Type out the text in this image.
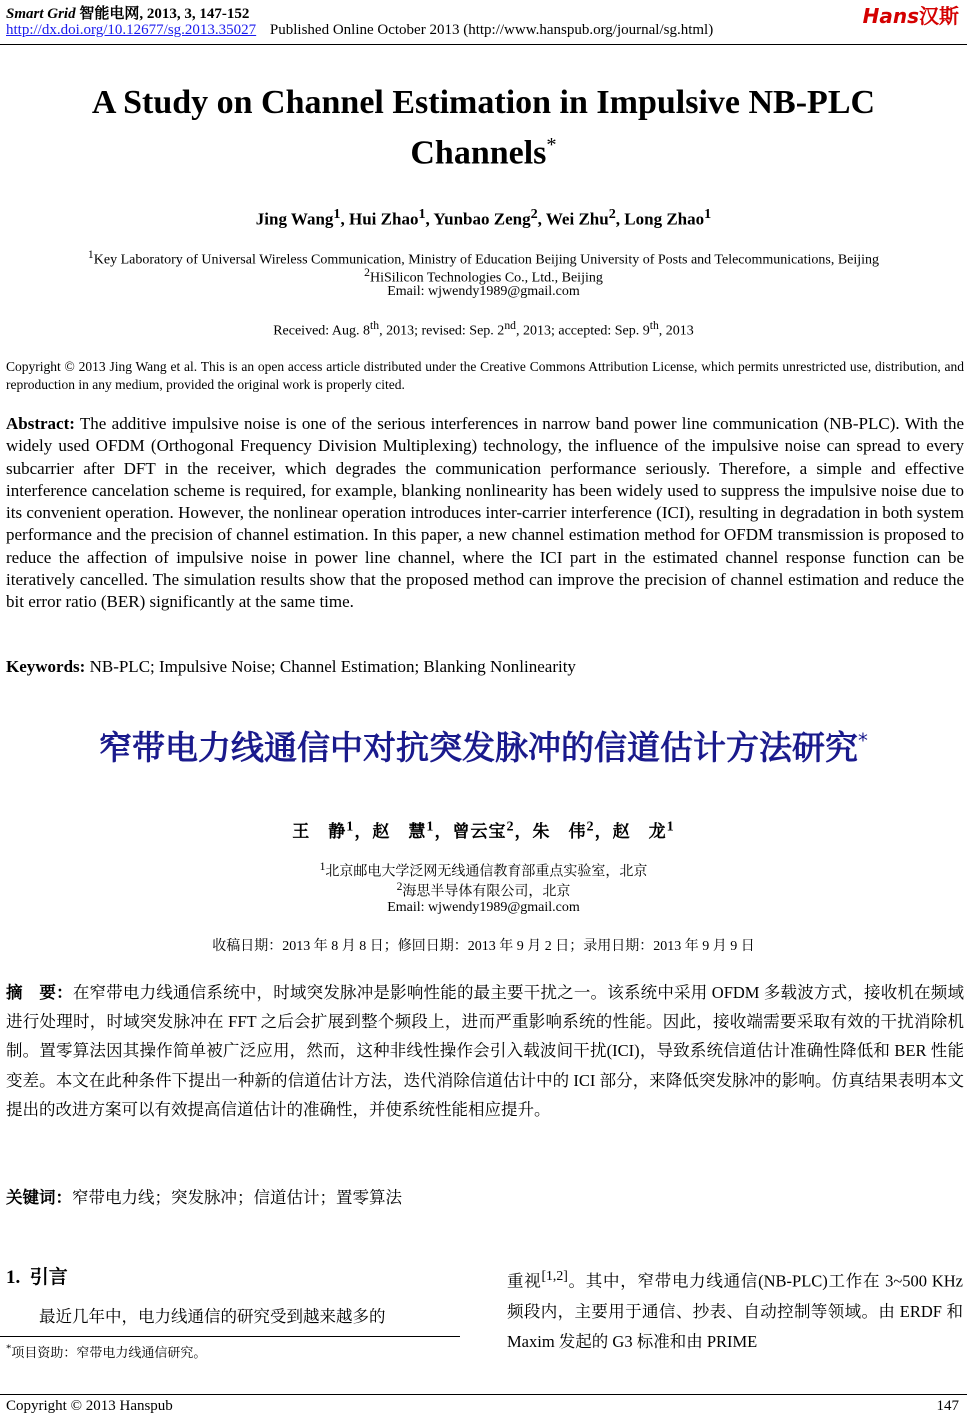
Smart Grid 智能电网, 2013, 3, 147-152
http://dx.doi.org/10.12677/sg.2013.35027 Published Online October 2013 (http://www.hanspub.org/journal/sg.html)
Hans汉斯
A Study on Channel Estimation in Impulsive NB-PLC
Channels*
Jing Wang$^1$, Hui Zhao$^1$, Yunbao Zeng$^2$, Wei Zhu$^2$, Long Zhao$^1$
$^1$Key Laboratory of Universal Wireless Communication, Ministry of Education Beijing University of Posts and Telecommunications, Beijing
$^2$HiSilicon Technologies Co., Ltd., Beijing
Email: wjwendy1989@gmail.com
Received: Aug. 8th, 2013; revised: Sep. 2nd, 2013; accepted: Sep. 9th, 2013
Copyright © 2013 Jing Wang et al. This is an open access article distributed under the Creative Commons Attribution License, which permits unrestricted use, distribution, and reproduction in any medium, provided the original work is properly cited.
Abstract: The additive impulsive noise is one of the serious interferences in narrow band power line communication (NB-PLC). With the widely used OFDM (Orthogonal Frequency Division Multiplexing) technology, the influence of the impulsive noise can spread to every subcarrier after DFT in the receiver, which degrades the communication performance seriously. Therefore, a simple and effective interference cancelation scheme is required, for example, blanking nonlinearity has been widely used to suppress the impulsive noise due to its convenient operation. However, the nonlinear operation introduces inter-carrier interference (ICI), resulting in degradation in both system performance and the precision of channel estimation. In this paper, a new channel estimation method for OFDM transmission is proposed to reduce the affection of impulsive noise in power line channel, where the ICI part in the estimated channel response function can be iteratively cancelled. The simulation results show that the proposed method can improve the precision of channel estimation and reduce the bit error ratio (BER) significantly at the same time.
Keywords: NB-PLC; Impulsive Noise; Channel Estimation; Blanking Nonlinearity
窄带电力线通信中对抗突发脉冲的信道估计方法研究*
王　静$^1$，赵　慧$^1$，曾云宝$^2$，朱　伟$^2$，赵　龙$^1$
$^1$北京邮电大学泛网无线通信教育部重点实验室，北京
$^2$海思半导体有限公司，北京
Email: wjwendy1989@gmail.com
收稿日期：2013 年 8 月 8 日；修回日期：2013 年 9 月 2 日；录用日期：2013 年 9 月 9 日
摘　要：在窄带电力线通信系统中，时域突发脉冲是影响性能的最主要干扰之一。该系统中采用 OFDM 多载波方式，接收机在频域进行处理时，时域突发脉冲在 FFT 之后会扩展到整个频段上，进而严重影响系统的性能。因此，接收端需要采取有效的干扰消除机制。置零算法因其操作简单被广泛应用，然而，这种非线性操作会引入载波间干扰(ICI)，导致系统信道估计准确性降低和 BER 性能变差。本文在此种条件下提出一种新的信道估计方法，迭代消除信道估计中的 ICI 部分，来降低突发脉冲的影响。仿真结果表明本文提出的改进方案可以有效提高信道估计的准确性，并使系统性能相应提升。
关键词：窄带电力线；突发脉冲；信道估计；置零算法
1. 引言
最近几年中，电力线通信的研究受到越来越多的
重视[1,2]。其中，窄带电力线通信(NB-PLC)工作在 3~500 KHz 频段内，主要用于通信、抄表、自动控制等领域。由 ERDF 和 Maxim 发起的 G3 标准和由 PRIME
*项目资助：窄带电力线通信研究。
Copyright © 2013 Hanspub	147
